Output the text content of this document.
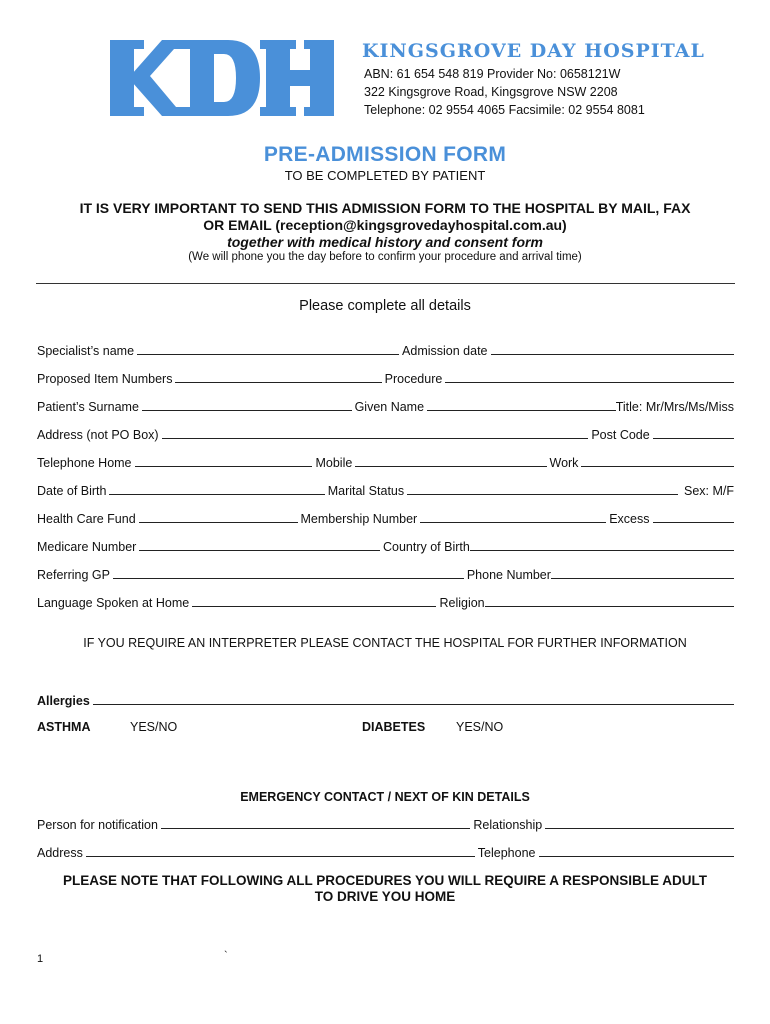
KINGSGROVE DAY HOSPITAL
ABN: 61 654 548 819 Provider No: 0658121W
322 Kingsgrove Road, Kingsgrove NSW 2208
Telephone: 02 9554 4065 Facsimile: 02 9554 8081
PRE-ADMISSION FORM
TO BE COMPLETED BY PATIENT
IT IS VERY IMPORTANT TO SEND THIS ADMISSION FORM TO THE HOSPITAL BY MAIL, FAX
OR EMAIL (reception@kingsgrovedayhospital.com.au)
together with medical history and consent form
(We will phone you the day before to confirm your procedure and arrival time)
Please complete all details
Specialist’s name	Admission date
Proposed Item Numbers	Procedure
Patient’s Surname	Given Name	Title: Mr/Mrs/Ms/Miss
Address (not PO Box)	Post Code
Telephone Home	Mobile	Work
Date of Birth	Marital Status	Sex: M/F
Health Care Fund	Membership Number	Excess
Medicare Number	Country of Birth
Referring GP	Phone Number
Language Spoken at Home	Religion
IF YOU REQUIRE AN INTERPRETER PLEASE CONTACT THE HOSPITAL FOR FURTHER INFORMATION
Allergies
ASTHMA	YES/NO	DIABETES YES/NO
EMERGENCY CONTACT / NEXT OF KIN DETAILS
Person for notification	Relationship
Address	Telephone
PLEASE NOTE THAT FOLLOWING ALL PROCEDURES YOU WILL REQUIRE A RESPONSIBLE ADULT
TO DRIVE YOU HOME
1	`
